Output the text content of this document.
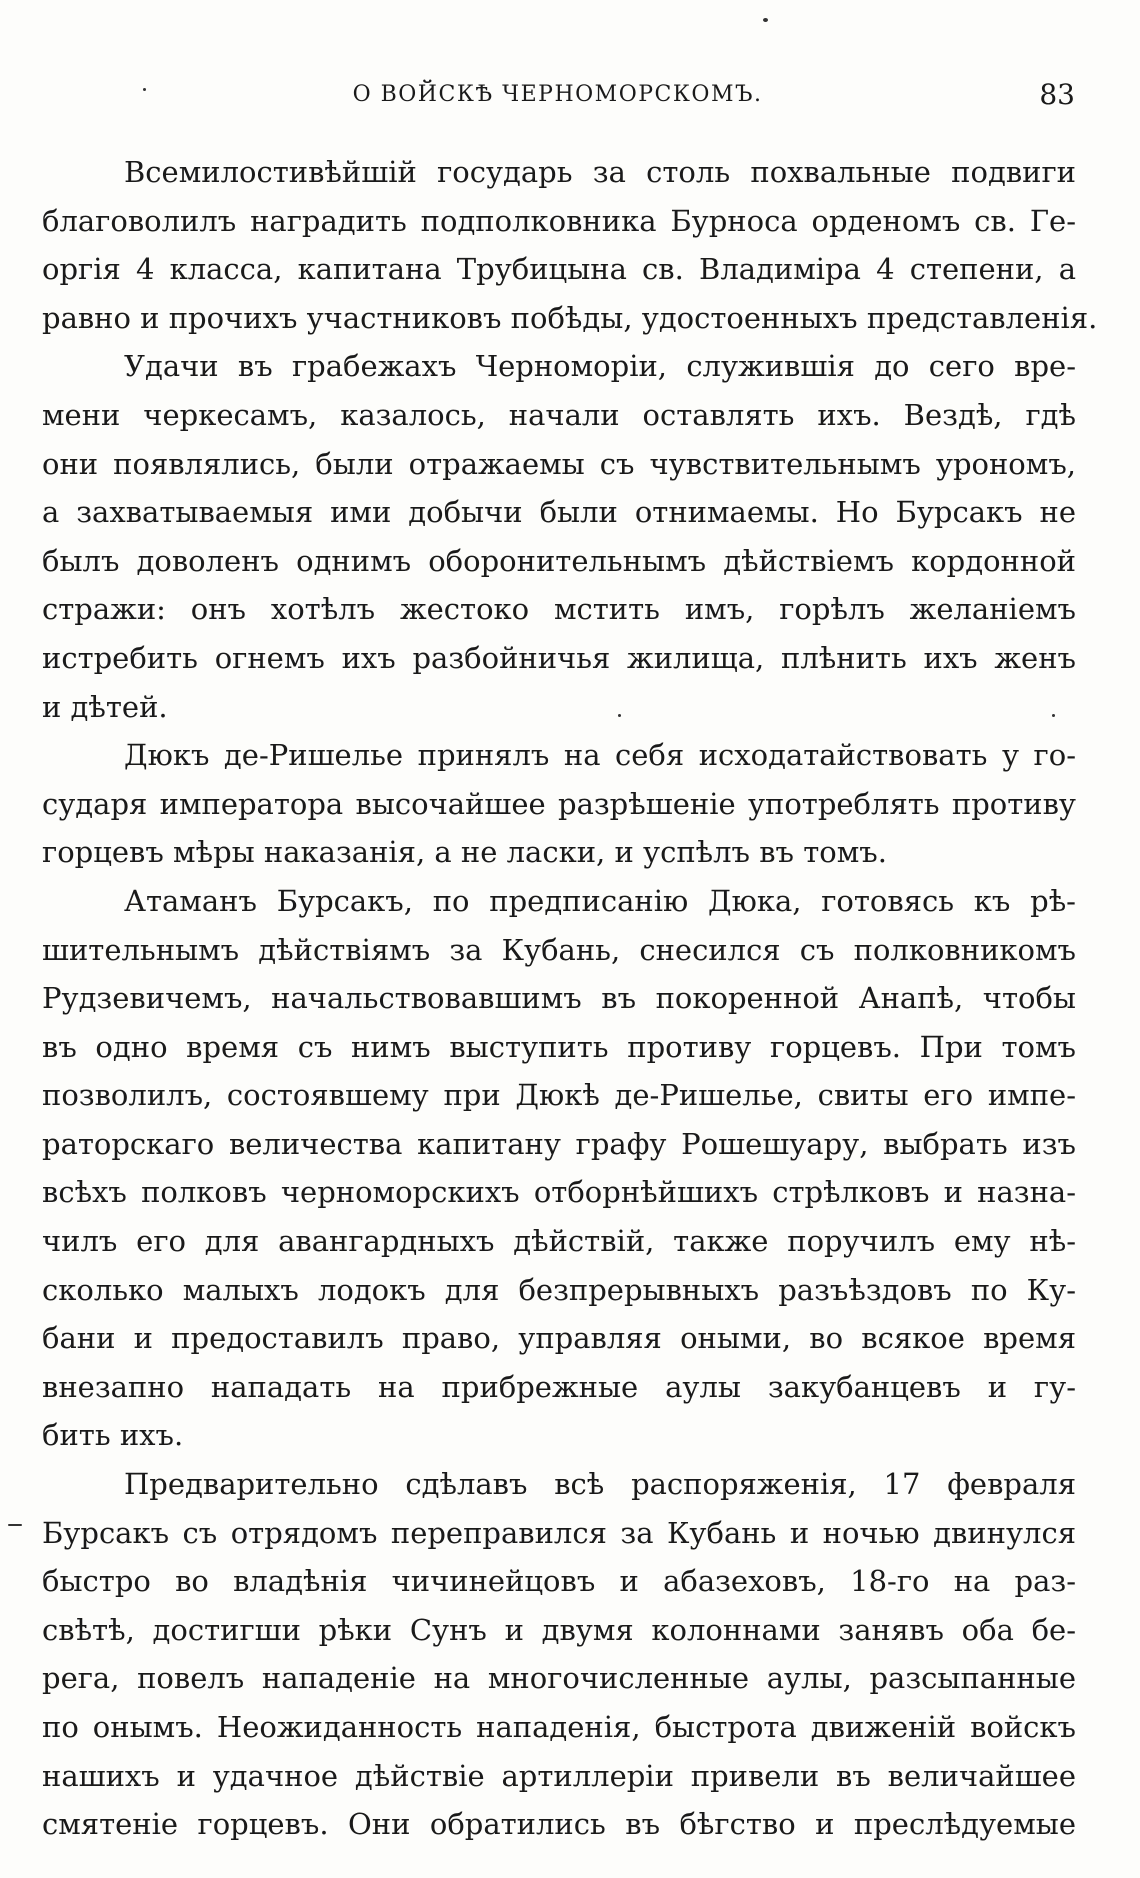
О ВОЙСКѢ ЧЕРНОМОРСКОМЪ.	83

Всемилостивѣйшій государь за столь похвальные подвиги
благоволилъ наградить подполковника Бурноса орденомъ св. Ге-
оргія 4 класса, капитана Трубицына св. Владиміра 4 степени, а
равно и прочихъ участниковъ побѣды, удостоенныхъ представленія.

Удачи въ грабежахъ Черноморіи, служившія до сего вре-
мени черкесамъ, казалось, начали оставлять ихъ. Вездѣ, гдѣ
они появлялись, были отражаемы съ чувствительнымъ урономъ,
а захватываемыя ими добычи были отнимаемы. Но Бурсакъ не
былъ доволенъ однимъ оборонительнымъ дѣйствіемъ кордонной
стражи: онъ хотѣлъ жестоко мстить имъ, горѣлъ желаніемъ
истребить огнемъ ихъ разбойничья жилища, плѣнить ихъ женъ
и дѣтей.

Дюкъ де-Ришелье принялъ на себя исходатайствовать у го-
сударя императора высочайшее разрѣшеніе употреблять противу
горцевъ мѣры наказанія, а не ласки, и успѣлъ въ томъ.

Атаманъ Бурсакъ, по предписанію Дюка, готовясь къ рѣ-
шительнымъ дѣйствіямъ за Кубань, снесился съ полковникомъ
Рудзевичемъ, начальствовавшимъ въ покоренной Анапѣ, чтобы
въ одно время съ нимъ выступить противу горцевъ. При томъ
позволилъ, состоявшему при Дюкѣ де-Ришелье, свиты его импе-
раторскаго величества капитану графу Рошешуару, выбрать изъ
всѣхъ полковъ черноморскихъ отборнѣйшихъ стрѣлковъ и назна-
чилъ его для авангардныхъ дѣйствій, также поручилъ ему нѣ-
сколько малыхъ лодокъ для безпрерывныхъ разъѣздовъ по Ку-
бани и предоставилъ право, управляя оными, во всякое время
внезапно нападать на прибрежные аулы закубанцевъ и гу-
бить ихъ.

Предварительно сдѣлавъ всѣ распоряженія, 17 февраля
Бурсакъ съ отрядомъ переправился за Кубань и ночью двинулся
быстро во владѣнія чичинейцовъ и абазеховъ, 18-го на раз-
свѣтѣ, достигши рѣки Сунъ и двумя колоннами занявъ оба бе-
рега, повелъ нападеніе на многочисленные аулы, разсыпанные
по онымъ. Неожиданность нападенія, быстрота движеній войскъ
нашихъ и удачное дѣйствіе артиллеріи привели въ величайшее
смятеніе горцевъ. Они обратились въ бѣгство и преслѣдуемые
